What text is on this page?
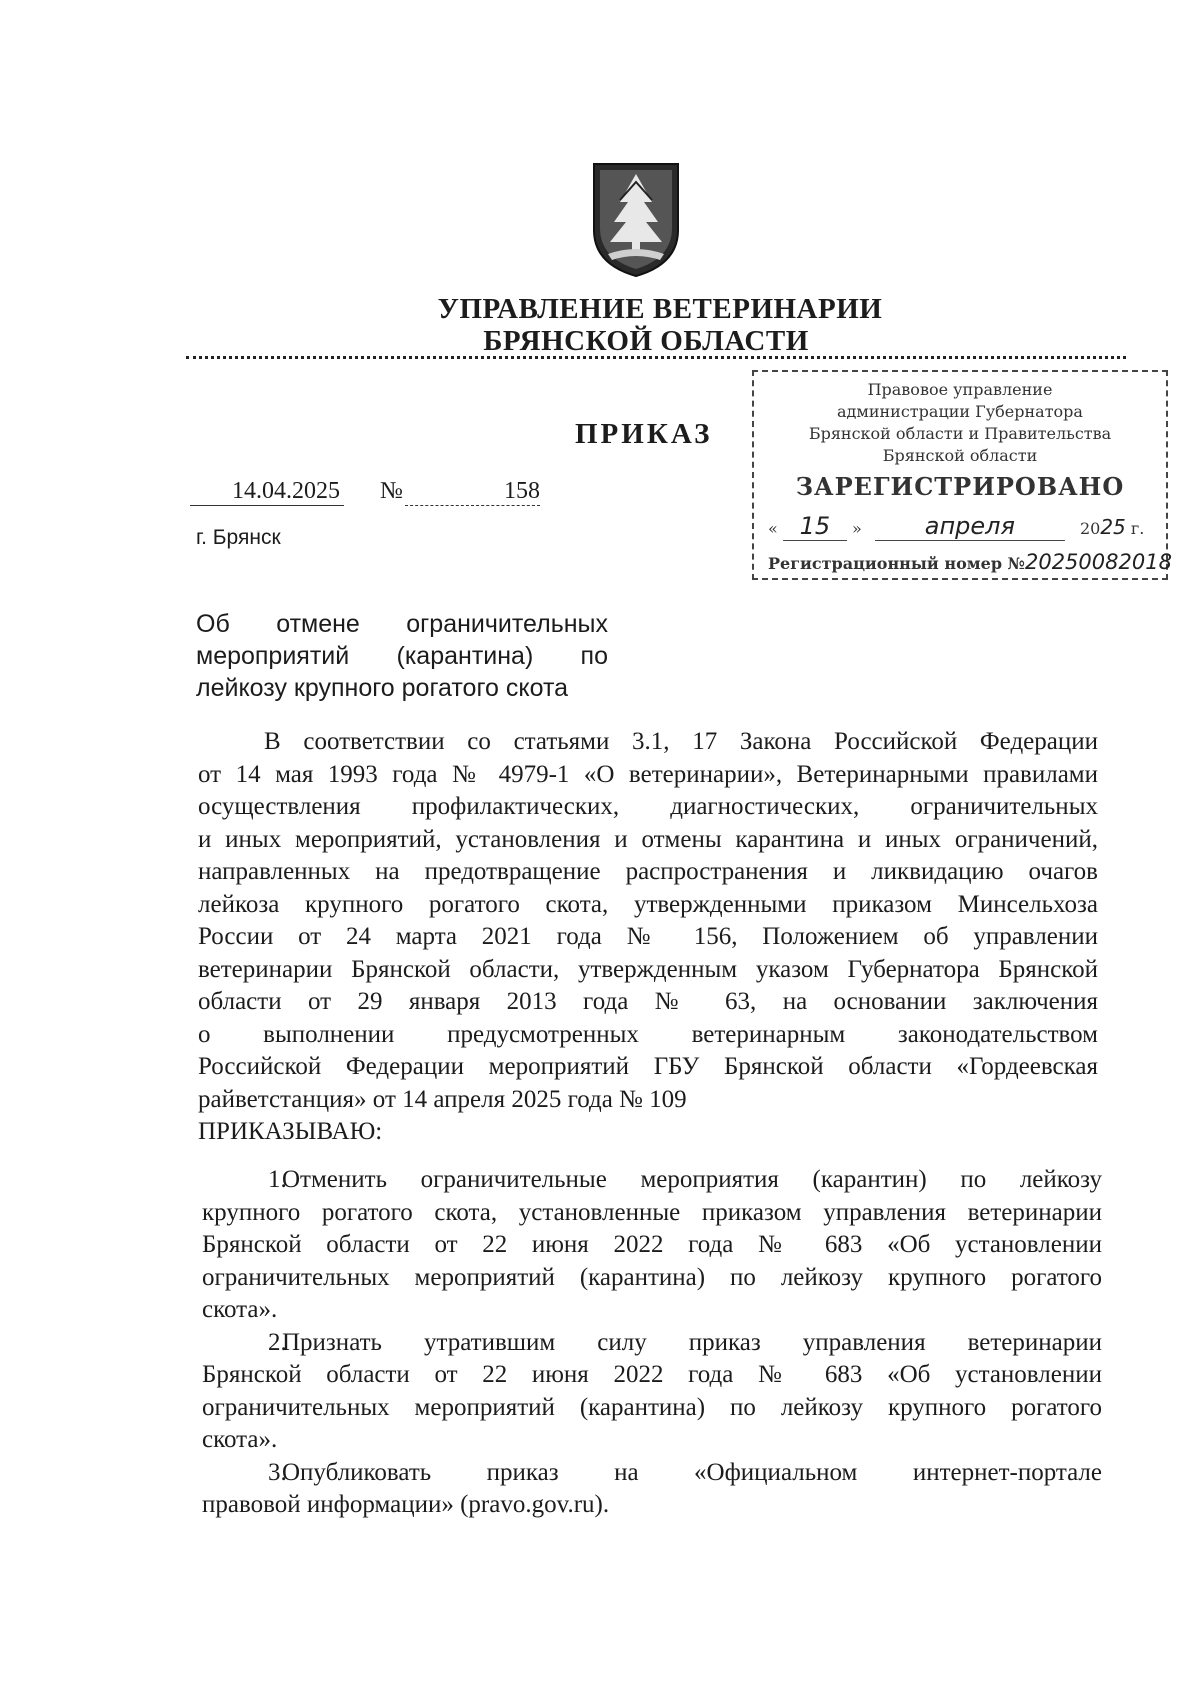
УПРАВЛЕНИЕ ВЕТЕРИНАРИИ
БРЯНСКОЙ ОБЛАСТИ
ПРИКАЗ
14.04.2025 №	158
г. Брянск
Правовое управление
администрации Губернатора
Брянской области и Правительства
Брянской области
ЗАРЕГИСТРИРОВАНО
« 15 »	апреля	2025 г.
Регистрационный номер №20250082018
Об отмене ограничительных
мероприятий (карантина) по
лейкозу крупного рогатого скота
В соответствии со статьями 3.1, 17 Закона Российской Федерации
от 14 мая 1993 года № 4979-1 «О ветеринарии», Ветеринарными правилами
осуществления профилактических, диагностических, ограничительных
и иных мероприятий, установления и отмены карантина и иных ограничений,
направленных на предотвращение распространения и ликвидацию очагов
лейкоза крупного рогатого скота, утвержденными приказом Минсельхоза
России от 24 марта 2021 года № 156, Положением об управлении
ветеринарии Брянской области, утвержденным указом Губернатора Брянской
области от 29 января 2013 года № 63, на основании заключения
о выполнении предусмотренных ветеринарным законодательством
Российской Федерации мероприятий ГБУ Брянской области «Гордеевская
райветстанция» от 14 апреля 2025 года № 109
ПРИКАЗЫВАЮ:
1.Отменить ограничительные мероприятия (карантин) по лейкозу
крупного рогатого скота, установленные приказом управления ветеринарии
Брянской области от 22 июня 2022 года № 683 «Об установлении
ограничительных мероприятий (карантина) по лейкозу крупного рогатого
скота».
2.Признать утратившим силу приказ управления ветеринарии
Брянской области от 22 июня 2022 года № 683 «Об установлении
ограничительных мероприятий (карантина) по лейкозу крупного рогатого
скота».
3.Опубликовать приказ на «Официальном интернет-портале
правовой информации» (pravo.gov.ru).
